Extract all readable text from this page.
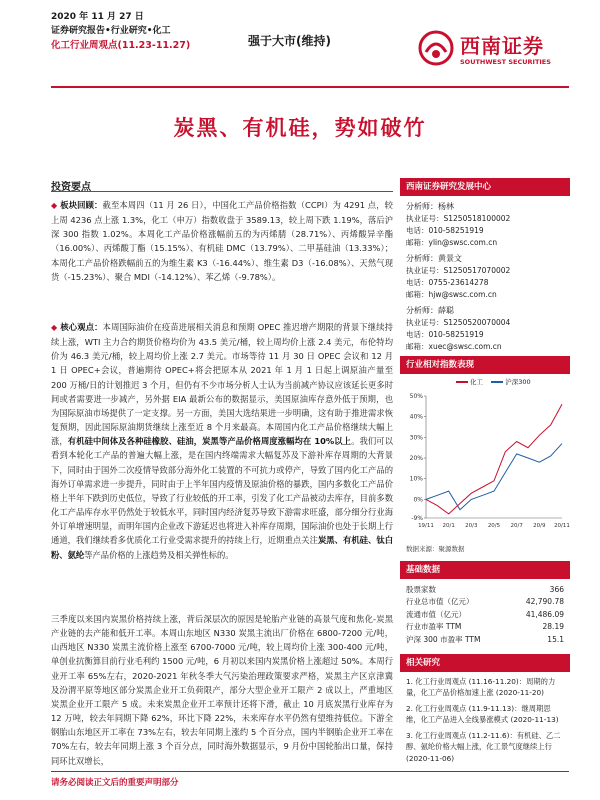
2020 年 11 月 27 日
证券研究报告•行业研究•化工
化工行业周观点(11.23-11.27)	强于大市(维持)	西南证券
SOUTHWEST SECURITIES
炭黑、有机硅，势如破竹
投资要点
◆ 板块回顾：截至本周四（11 月 26 日），中国化工产品价格指数（CCPI）为 4291 点，较上周 4236 点上涨 1.3%，化工（申万）指数收盘于 3589.13，较上周下跌 1.19%，落后沪深 300 指数 1.02%。本周化工产品价格涨幅前五的为丙烯腈（28.71%）、丙烯酸异辛酯（16.00%）、丙烯酸丁酯（15.15%）、有机硅 DMC（13.79%）、二甲基硅油（13.33%）；本周化工产品价格跌幅前五的为维生素 K3（-16.44%）、维生素 D3（-16.08%）、天然气现货（-15.23%）、聚合 MDI（-14.12%）、苯乙烯（-9.78%）。
◆ 核心观点：本周国际油价在疫苗进展相关消息和预期 OPEC 推迟增产期限的背景下继续持续上涨，WTI 主力合约期货价格均价为 43.5 美元/桶，较上周均价上涨 2.4 美元，布伦特均价为 46.3 美元/桶，较上周均价上涨 2.7 美元。市场等待 11 月 30 日 OPEC 会议和 12 月 1 日 OPEC+会议，普遍期待 OPEC+将会把原本从 2021 年 1 月 1 日起上调原油产量至 200 万桶/日的计划推迟 3 个月，但仍有不少市场分析人士认为当前减产协议应该延长更多时间或者需要进一步减产，另外据 EIA 最新公布的数据显示，美国原油库存意外低于预期，也为国际原油市场提供了一定支撑。另一方面，美国大选结果进一步明确，这有助于推进需求恢复预期，因此国际原油期货继续上涨至近 8 个月来最高。本周国内化工产品价格继续大幅上涨，有机硅中间体及各种硅橡胶、硅油，炭黑等产品价格周度涨幅均在 10%以上。我们可以看到本轮化工产品的普遍大幅上涨，是在国内终端需求大幅复苏及下游补库存周期的大背景下，同时由于国外二次疫情导致部分海外化工装置的不可抗力或停产，导致了国内化工产品的海外订单需求进一步提升，同时由于上半年国内疫情及原油价格的暴跌，国内多数化工产品价格上半年下跌到历史低位，导致了行业较低的开工率，引发了化工产品被动去库存，目前多数化工产品库存水平仍然处于较低水平，同时国内经济复苏导致下游需求旺盛，部分细分行业海外订单增速明显，而明年国内企业改下游延迟也将进入补库存周期，国际油价也处于长期上行通道，我们继续看多优质化工行业受需求提升的持续上行，近期重点关注炭黑、有机硅、钛白粉、氨纶等产品价格的上涨趋势及相关弹性标的。
三季度以来国内炭黑价格持续上涨，背后深层次的原因是轮胎产业链的高景气度和焦化-炭黑产业链的去产能和低开工率。本周山东地区 N330 炭黑主流出厂价格在 6800-7200 元/吨，山西地区 N330 炭黑主流价格上涨至 6700-7000 元/吨，较上周均价上涨 300-400 元/吨，单创业抗衡算目前行业毛利约 1500 元/吨，6 月初以来国内炭黑价格上涨超过 50%。本周行业开工率 65%左右，2020-2021 年秋冬季大气污染治理政策要求严格，炭黑主产区京津冀及汾渭平原等地区部分炭黑企业开工负荷限产，部分大型企业开工限产 2 成以上，严重地区炭黑企业开工限产 5 成。未来炭黑企业开工率预计还将下滑，截止 10 月底炭黑行业库存为 12 万吨，较去年同期下降 62%，环比下降 22%，未来库存水平仍然有望维持低位。下游全钢胎山东地区开工率在 73%左右，较去年同期上涨约 5 个百分点，国内半钢胎企业开工率在 70%左右，较去年同期上涨 3 个百分点，同时海外数据显示，9 月份中国轮胎出口量，保持同环比双增长，
西南证券研究发展中心
分析师：杨林
执业证号：S1250518100002
电话：010-58251919
邮箱：ylin@swsc.com.cn
分析师：黄景文
执业证号：S1250517070002
电话：0755-23614278
邮箱：hjw@swsc.com.cn
分析师：薛聪
执业证号：S1250520070004
电话：010-58251919
邮箱：xuec@swsc.com.cn
行业相对指数表现
化工	沪深300
50%
40%
30%
20%
10%
0%
-9%
19/11 20/1 20/3 20/5 20/7 20/9 20/11
数据来源：聚源数据
基础数据
股票家数	366
行业总市值（亿元）	42,790.78
流通市值（亿元）	41,486.09
行业市盈率 TTM	28.19
沪深 300 市盈率 TTM	15.1
相关研究
1. 化工行业周观点 (11.16-11.20)：周期的力量，化工产品价格加速上涨 (2020-11-20)
2. 化工行业周观点 (11.9-11.13)：继周期思维，化工产品进入全线暴涨模式 (2020-11-13)
3. 化工行业周观点 (11.2-11.6)：有机硅、乙二醇、氨纶价格大幅上涨，化工景气度继续上行 (2020-11-06)
请务必阅读正文后的重要声明部分
